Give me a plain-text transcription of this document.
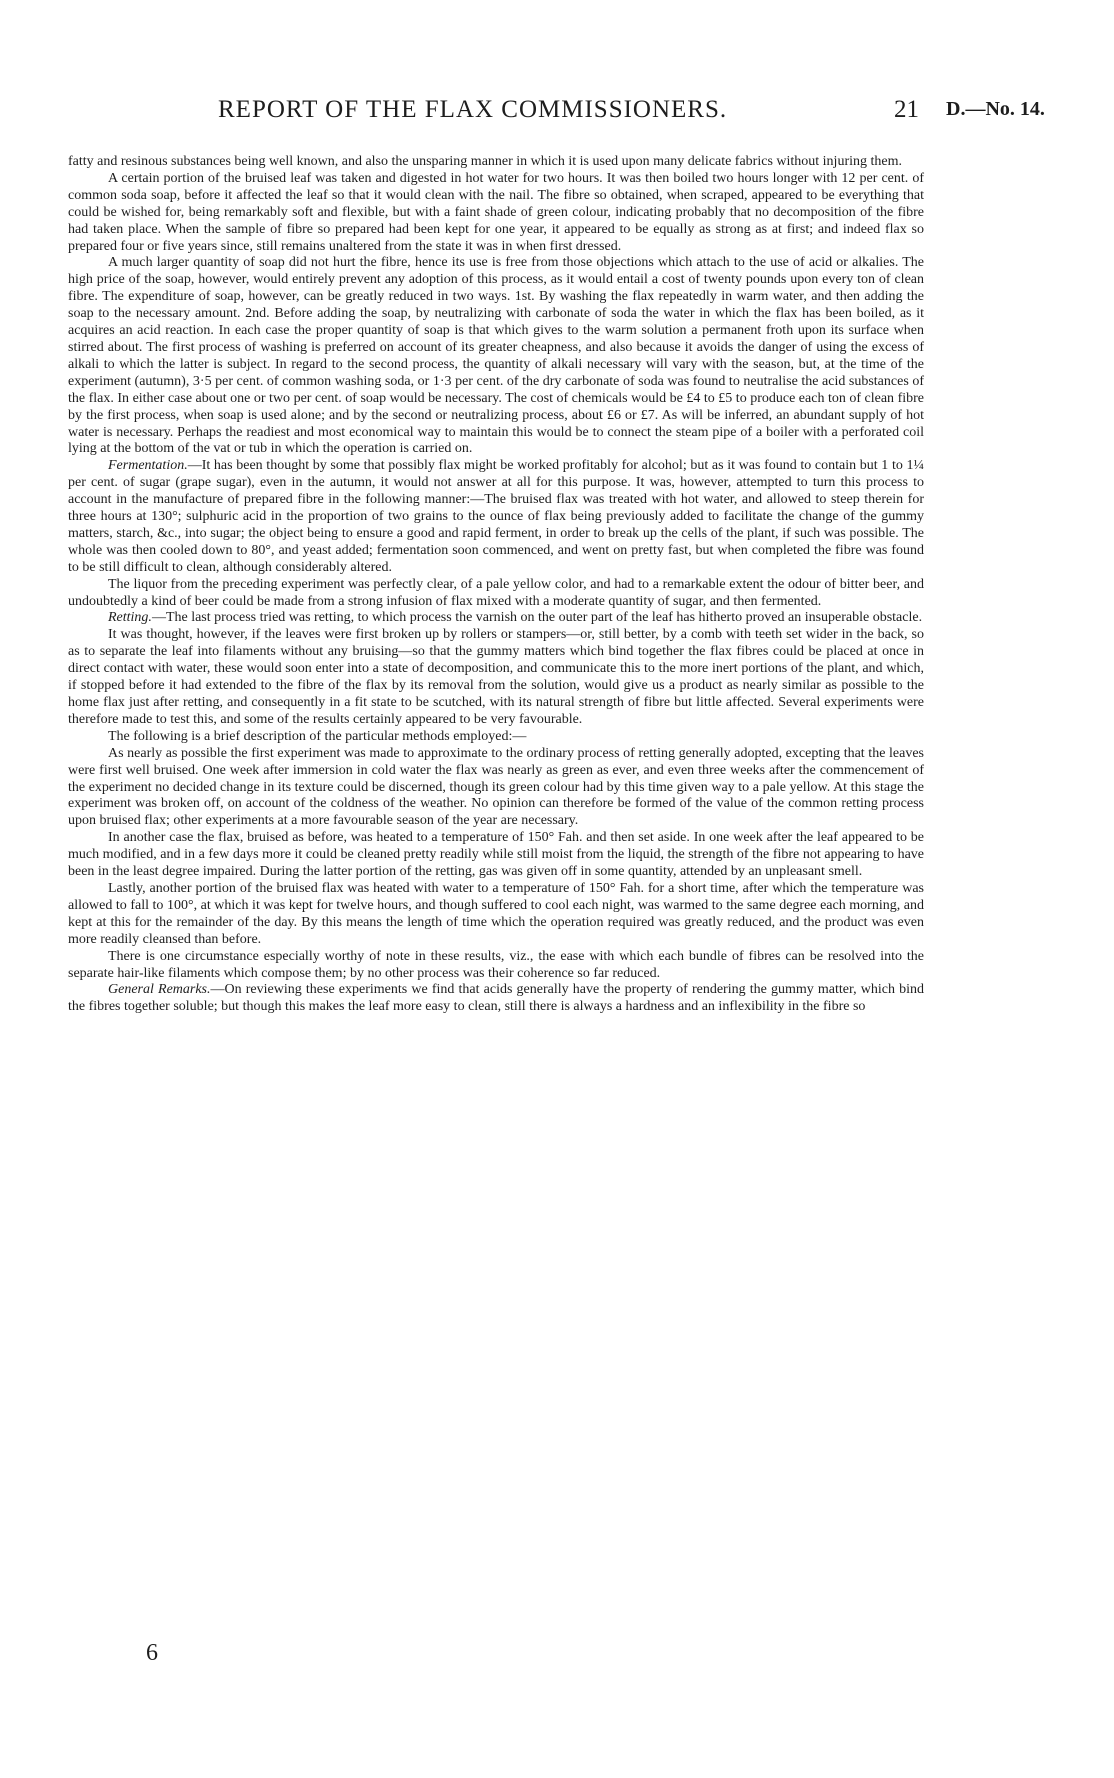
REPORT OF THE FLAX COMMISSIONERS.	21 D.—No. 14.

fatty and resinous substances being well known, and also the unsparing manner in which it is used upon many delicate fabrics without injuring them.

A certain portion of the bruised leaf was taken and digested in hot water for two hours. It was then boiled two hours longer with 12 per cent. of common soda soap, before it affected the leaf so that it would clean with the nail. The fibre so obtained, when scraped, appeared to be everything that could be wished for, being remarkably soft and flexible, but with a faint shade of green colour, indicating probably that no decomposition of the fibre had taken place. When the sample of fibre so prepared had been kept for one year, it appeared to be equally as strong as at first; and indeed flax so prepared four or five years since, still remains unaltered from the state it was in when first dressed.

A much larger quantity of soap did not hurt the fibre, hence its use is free from those objections which attach to the use of acid or alkalies. The high price of the soap, however, would entirely prevent any adoption of this process, as it would entail a cost of twenty pounds upon every ton of clean fibre. The expenditure of soap, however, can be greatly reduced in two ways. 1st. By washing the flax repeatedly in warm water, and then adding the soap to the necessary amount. 2nd. Before adding the soap, by neutralizing with carbonate of soda the water in which the flax has been boiled, as it acquires an acid reaction. In each case the proper quantity of soap is that which gives to the warm solution a permanent froth upon its surface when stirred about. The first process of washing is preferred on account of its greater cheapness, and also because it avoids the danger of using the excess of alkali to which the latter is subject. In regard to the second process, the quantity of alkali necessary will vary with the season, but, at the time of the experiment (autumn), 3·5 per cent. of common washing soda, or 1·3 per cent. of the dry carbonate of soda was found to neutralise the acid substances of the flax. In either case about one or two per cent. of soap would be necessary. The cost of chemicals would be £4 to £5 to produce each ton of clean fibre by the first process, when soap is used alone; and by the second or neutralizing process, about £6 or £7. As will be inferred, an abundant supply of hot water is necessary. Perhaps the readiest and most economical way to maintain this would be to connect the steam pipe of a boiler with a perforated coil lying at the bottom of the vat or tub in which the operation is carried on.

Fermentation.—It has been thought by some that possibly flax might be worked profitably for alcohol; but as it was found to contain but 1 to 1¼ per cent. of sugar (grape sugar), even in the autumn, it would not answer at all for this purpose. It was, however, attempted to turn this process to account in the manufacture of prepared fibre in the following manner:—The bruised flax was treated with hot water, and allowed to steep therein for three hours at 130°; sulphuric acid in the proportion of two grains to the ounce of flax being previously added to facilitate the change of the gummy matters, starch, &c., into sugar; the object being to ensure a good and rapid ferment, in order to break up the cells of the plant, if such was possible. The whole was then cooled down to 80°, and yeast added; fermentation soon commenced, and went on pretty fast, but when completed the fibre was found to be still difficult to clean, although considerably altered.

The liquor from the preceding experiment was perfectly clear, of a pale yellow color, and had to a remarkable extent the odour of bitter beer, and undoubtedly a kind of beer could be made from a strong infusion of flax mixed with a moderate quantity of sugar, and then fermented.

Retting.—The last process tried was retting, to which process the varnish on the outer part of the leaf has hitherto proved an insuperable obstacle.

It was thought, however, if the leaves were first broken up by rollers or stampers—or, still better, by a comb with teeth set wider in the back, so as to separate the leaf into filaments without any bruising—so that the gummy matters which bind together the flax fibres could be placed at once in direct contact with water, these would soon enter into a state of decomposition, and communicate this to the more inert portions of the plant, and which, if stopped before it had extended to the fibre of the flax by its removal from the solution, would give us a product as nearly similar as possible to the home flax just after retting, and consequently in a fit state to be scutched, with its natural strength of fibre but little affected. Several experiments were therefore made to test this, and some of the results certainly appeared to be very favourable.

The following is a brief description of the particular methods employed:—

As nearly as possible the first experiment was made to approximate to the ordinary process of retting generally adopted, excepting that the leaves were first well bruised. One week after immersion in cold water the flax was nearly as green as ever, and even three weeks after the commencement of the experiment no decided change in its texture could be discerned, though its green colour had by this time given way to a pale yellow. At this stage the experiment was broken off, on account of the coldness of the weather. No opinion can therefore be formed of the value of the common retting process upon bruised flax; other experiments at a more favourable season of the year are necessary.

In another case the flax, bruised as before, was heated to a temperature of 150° Fah. and then set aside. In one week after the leaf appeared to be much modified, and in a few days more it could be cleaned pretty readily while still moist from the liquid, the strength of the fibre not appearing to have been in the least degree impaired. During the latter portion of the retting, gas was given off in some quantity, attended by an unpleasant smell.

Lastly, another portion of the bruised flax was heated with water to a temperature of 150° Fah. for a short time, after which the temperature was allowed to fall to 100°, at which it was kept for twelve hours, and though suffered to cool each night, was warmed to the same degree each morning, and kept at this for the remainder of the day. By this means the length of time which the operation required was greatly reduced, and the product was even more readily cleansed than before.

There is one circumstance especially worthy of note in these results, viz., the ease with which each bundle of fibres can be resolved into the separate hair-like filaments which compose them; by no other process was their coherence so far reduced.

General Remarks.—On reviewing these experiments we find that acids generally have the property of rendering the gummy matter, which bind the fibres together soluble; but though this makes the leaf more easy to clean, still there is always a hardness and an inflexibility in the fibre so

6
